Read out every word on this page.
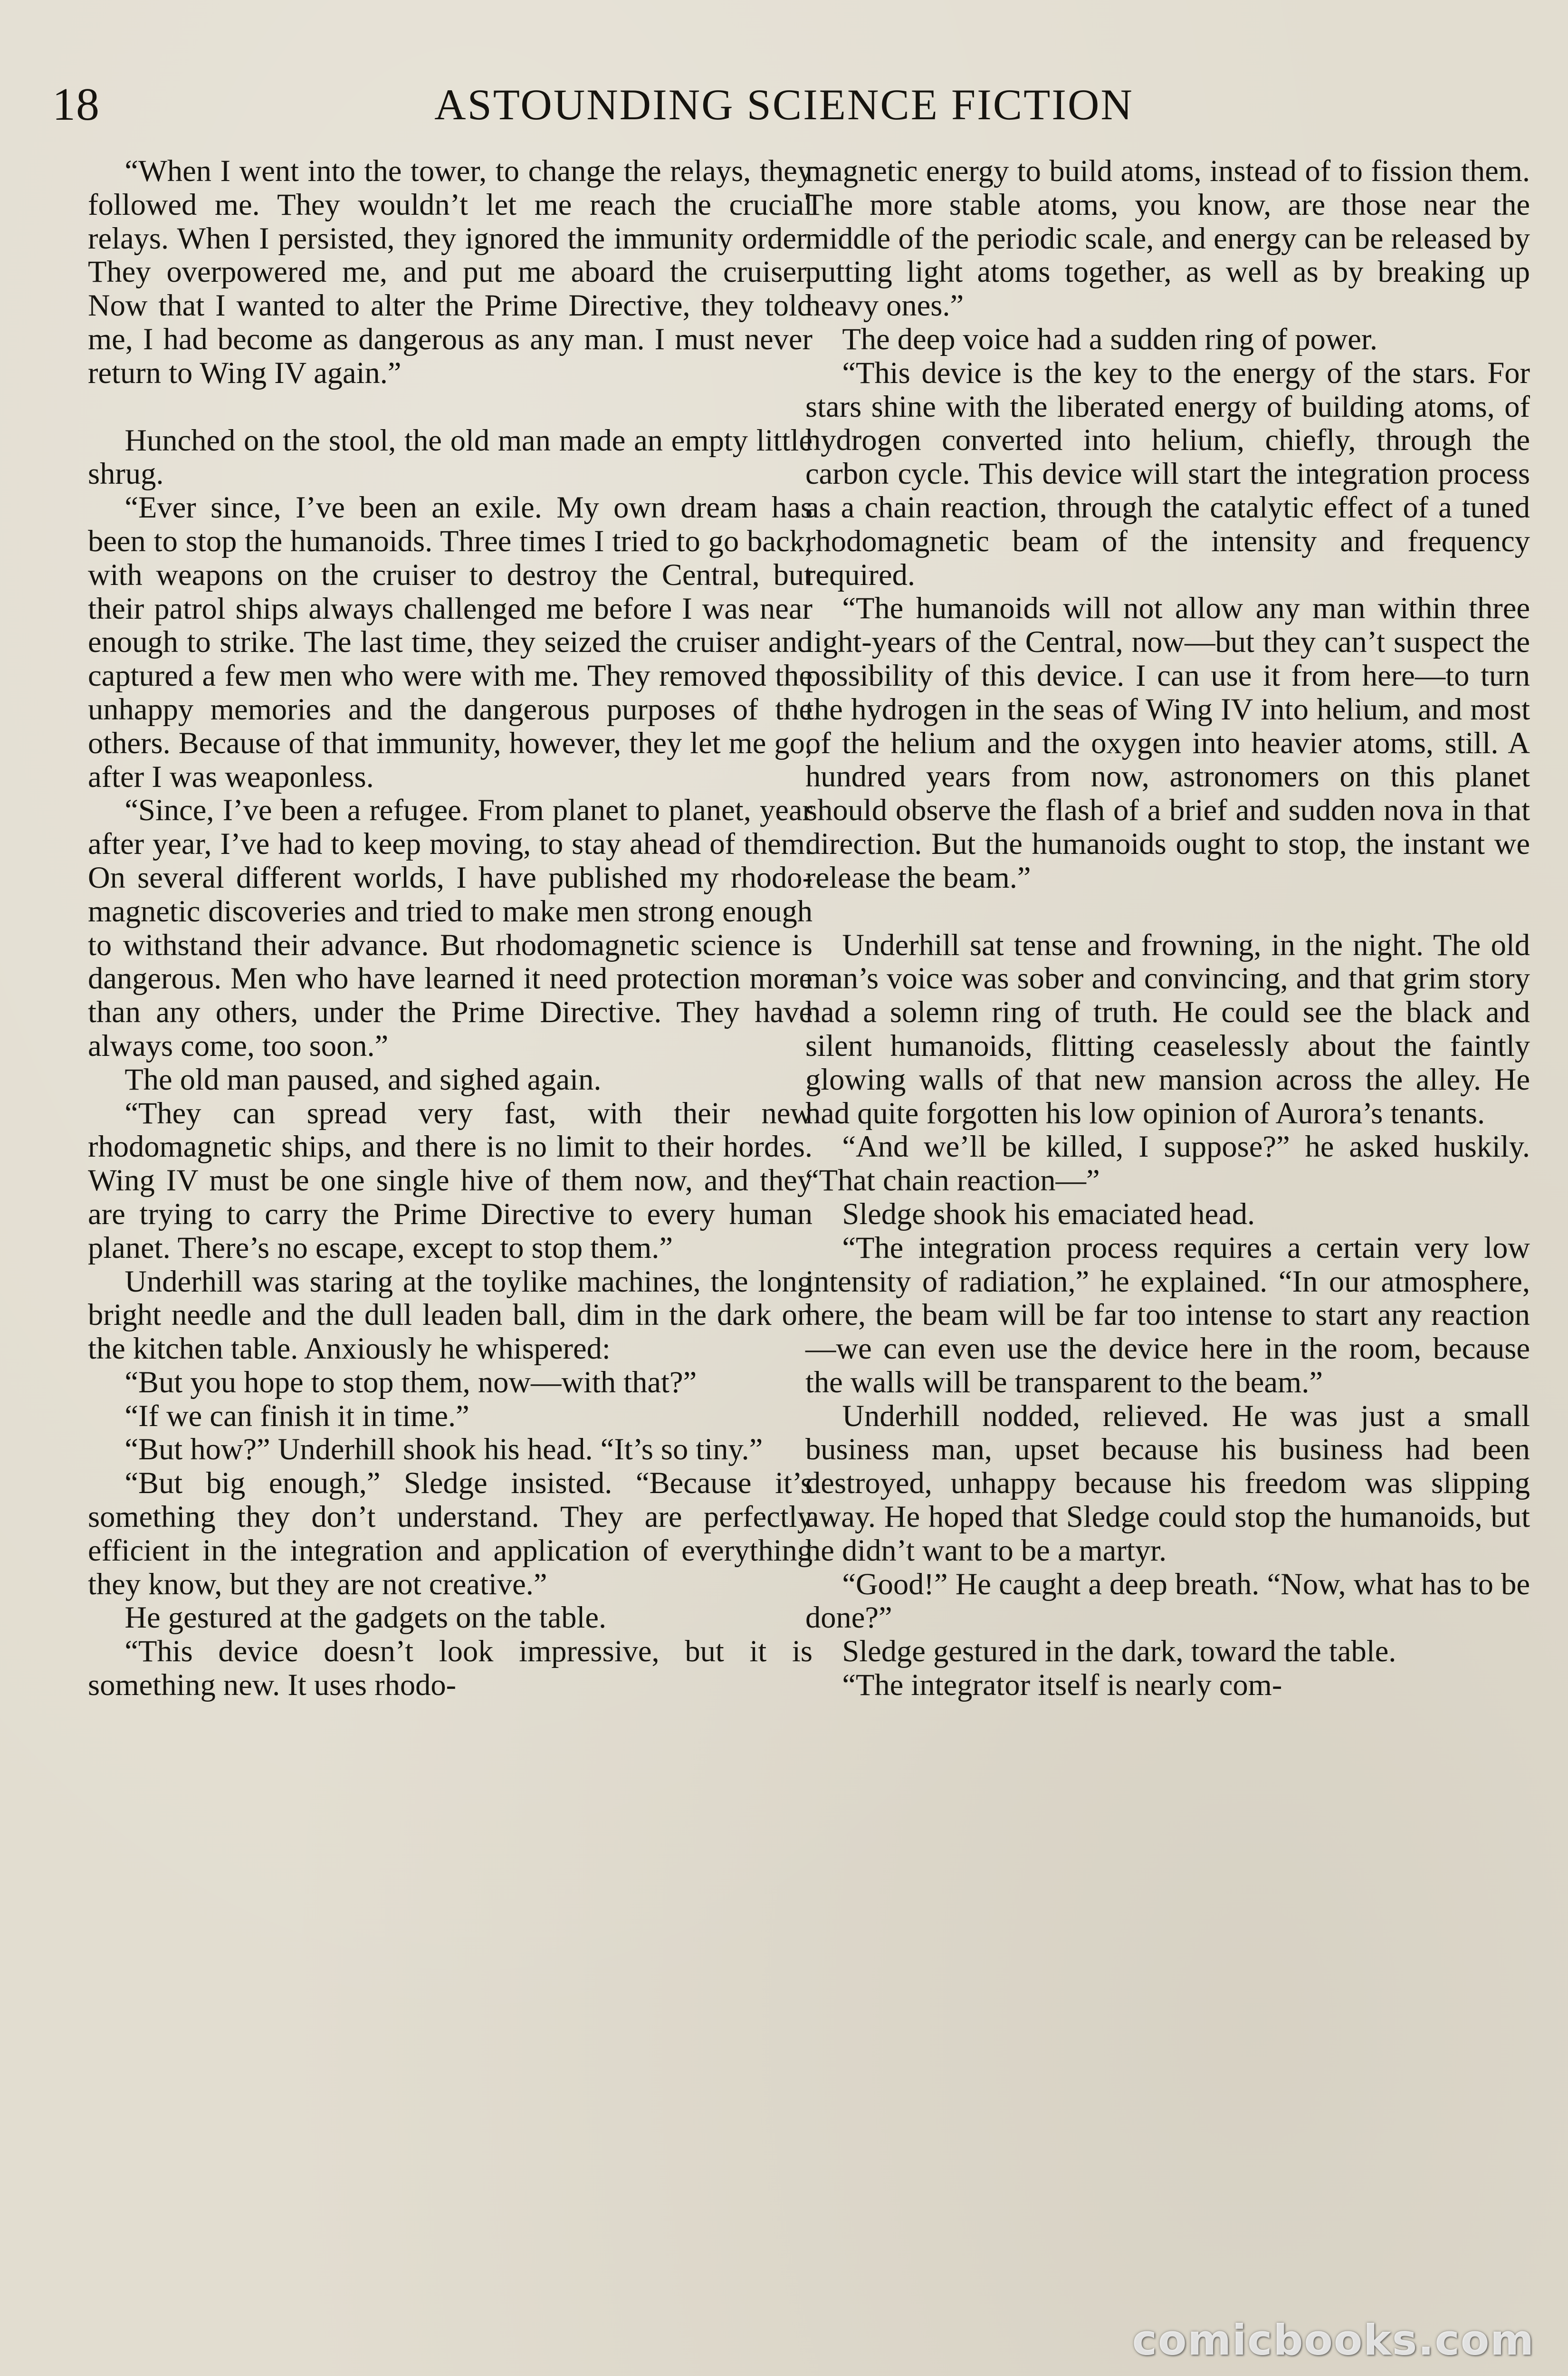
18	ASTOUNDING SCIENCE FICTION

“When I went into the tower, to change the relays, they followed me. They wouldn’t let me reach the crucial relays. When I persisted, they ignored the immunity order. They overpowered me, and put me aboard the cruiser. Now that I wanted to alter the Prime Directive, they told me, I had become as dangerous as any man. I must never return to Wing IV again.”

Hunched on the stool, the old man made an empty little shrug.

“Ever since, I’ve been an exile. My own dream has been to stop the humanoids. Three times I tried to go back, with weapons on the cruiser to destroy the Central, but their patrol ships always challenged me before I was near enough to strike. The last time, they seized the cruiser and captured a few men who were with me. They removed the unhappy memories and the dangerous purposes of the others. Because of that immunity, however, they let me go, after I was weaponless.

“Since, I’ve been a refugee. From planet to planet, year after year, I’ve had to keep moving, to stay ahead of them. On several different worlds, I have published my rhodo-magnetic discoveries and tried to make men strong enough to withstand their advance. But rhodomagnetic science is dangerous. Men who have learned it need protection more than any others, under the Prime Directive. They have always come, too soon.”

The old man paused, and sighed again.

“They can spread very fast, with their new rhodomagnetic ships, and there is no limit to their hordes. Wing IV must be one single hive of them now, and they are trying to carry the Prime Directive to every human planet. There’s no escape, except to stop them.”

Underhill was staring at the toylike machines, the long bright needle and the dull leaden ball, dim in the dark on the kitchen table. Anxiously he whispered:

“But you hope to stop them, now—with that?”

“If we can finish it in time.”

“But how?” Underhill shook his head. “It’s so tiny.”

“But big enough,” Sledge insisted. “Because it’s something they don’t understand. They are perfectly efficient in the integration and application of everything they know, but they are not creative.”

He gestured at the gadgets on the table.

“This device doesn’t look impressive, but it is something new. It uses rhodo-

magnetic energy to build atoms, instead of to fission them. The more stable atoms, you know, are those near the middle of the periodic scale, and energy can be released by putting light atoms together, as well as by breaking up heavy ones.”

The deep voice had a sudden ring of power.

“This device is the key to the energy of the stars. For stars shine with the liberated energy of building atoms, of hydrogen converted into helium, chiefly, through the carbon cycle. This device will start the integration process as a chain reaction, through the catalytic effect of a tuned rhodomagnetic beam of the intensity and frequency required.

“The humanoids will not allow any man within three light-years of the Central, now—but they can’t suspect the possibility of this device. I can use it from here—to turn the hydrogen in the seas of Wing IV into helium, and most of the helium and the oxygen into heavier atoms, still. A hundred years from now, astronomers on this planet should observe the flash of a brief and sudden nova in that direction. But the humanoids ought to stop, the instant we release the beam.”

Underhill sat tense and frowning, in the night. The old man’s voice was sober and convincing, and that grim story had a solemn ring of truth. He could see the black and silent humanoids, flitting ceaselessly about the faintly glowing walls of that new mansion across the alley. He had quite forgotten his low opinion of Aurora’s tenants.

“And we’ll be killed, I suppose?” he asked huskily. “That chain reaction—”

Sledge shook his emaciated head.

“The integration process requires a certain very low intensity of radiation,” he explained. “In our atmosphere, here, the beam will be far too intense to start any reaction—we can even use the device here in the room, because the walls will be transparent to the beam.”

Underhill nodded, relieved. He was just a small business man, upset because his business had been destroyed, unhappy because his freedom was slipping away. He hoped that Sledge could stop the humanoids, but he didn’t want to be a martyr.

“Good!” He caught a deep breath. “Now, what has to be done?”

Sledge gestured in the dark, toward the table.

“The integrator itself is nearly com-

comicbooks.com
